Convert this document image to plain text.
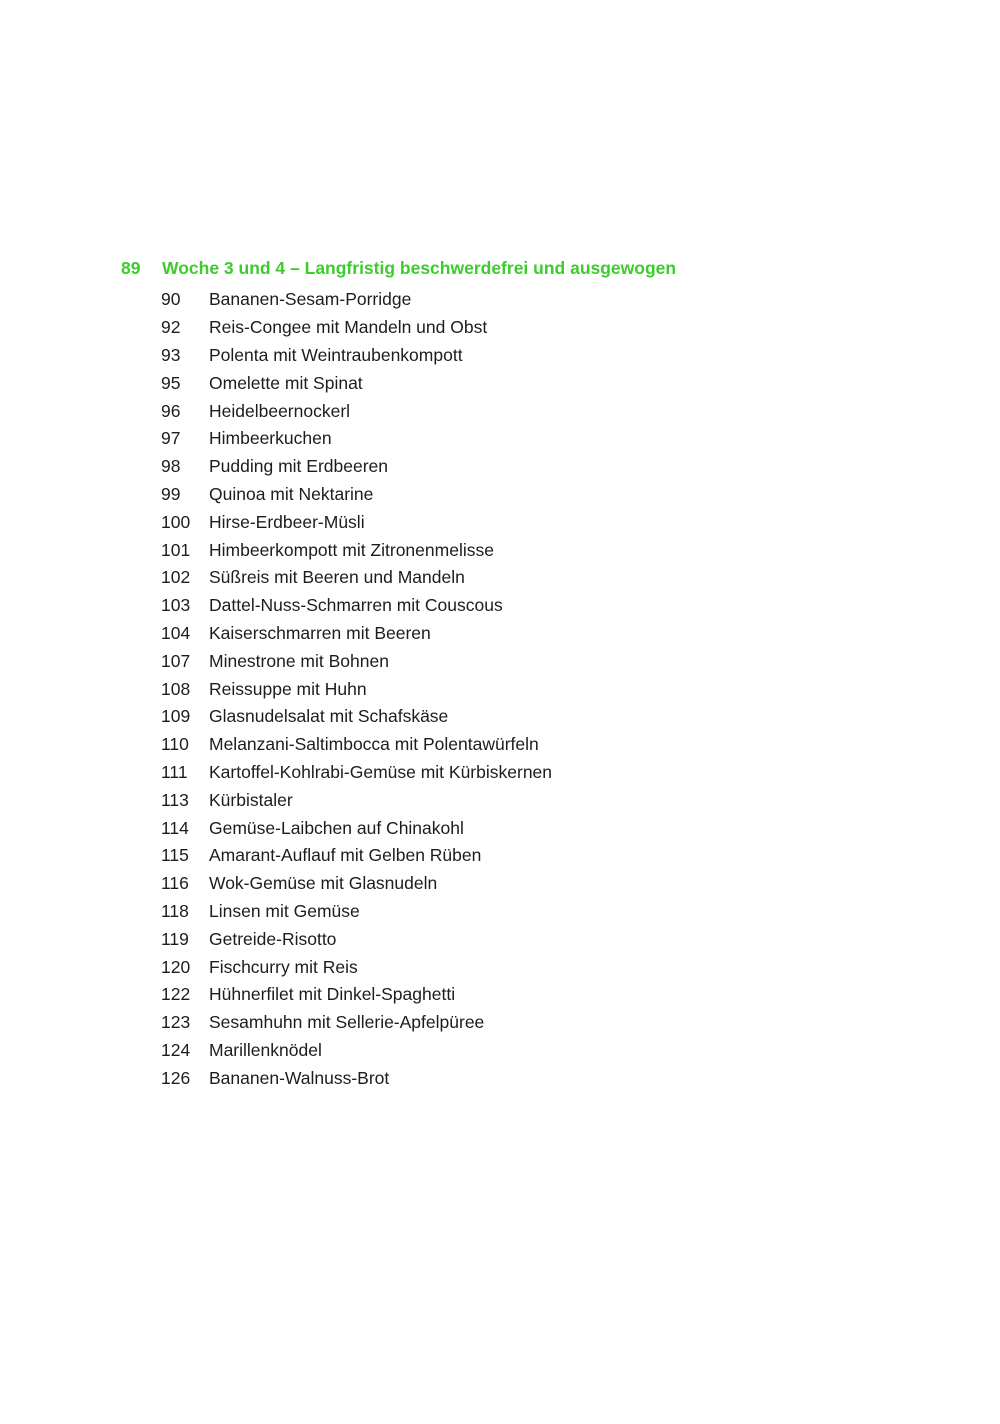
89	Woche 3 und 4 – Langfristig beschwerdefrei und ausgewogen
90	Bananen-Sesam-Porridge
92	Reis-Congee mit Mandeln und Obst
93	Polenta mit Weintraubenkompott
95	Omelette mit Spinat
96	Heidelbeernockerl
97	Himbeerkuchen
98	Pudding mit Erdbeeren
99	Quinoa mit Nektarine
100	Hirse-Erdbeer-Müsli
101	Himbeerkompott mit Zitronenmelisse
102	Süßreis mit Beeren und Mandeln
103	Dattel-Nuss-Schmarren mit Couscous
104	Kaiserschmarren mit Beeren
107	Minestrone mit Bohnen
108	Reissuppe mit Huhn
109	Glasnudelsalat mit Schafskäse
110	Melanzani-Saltimbocca mit Polentawürfeln
111	Kartoffel-Kohlrabi-Gemüse mit Kürbiskernen
113	Kürbistaler
114	Gemüse-Laibchen auf Chinakohl
115	Amarant-Auflauf mit Gelben Rüben
116	Wok-Gemüse mit Glasnudeln
118	Linsen mit Gemüse
119	Getreide-Risotto
120	Fischcurry mit Reis
122	Hühnerfilet mit Dinkel-Spaghetti
123	Sesamhuhn mit Sellerie-Apfelpüree
124	Marillenknödel
126	Bananen-Walnuss-Brot
